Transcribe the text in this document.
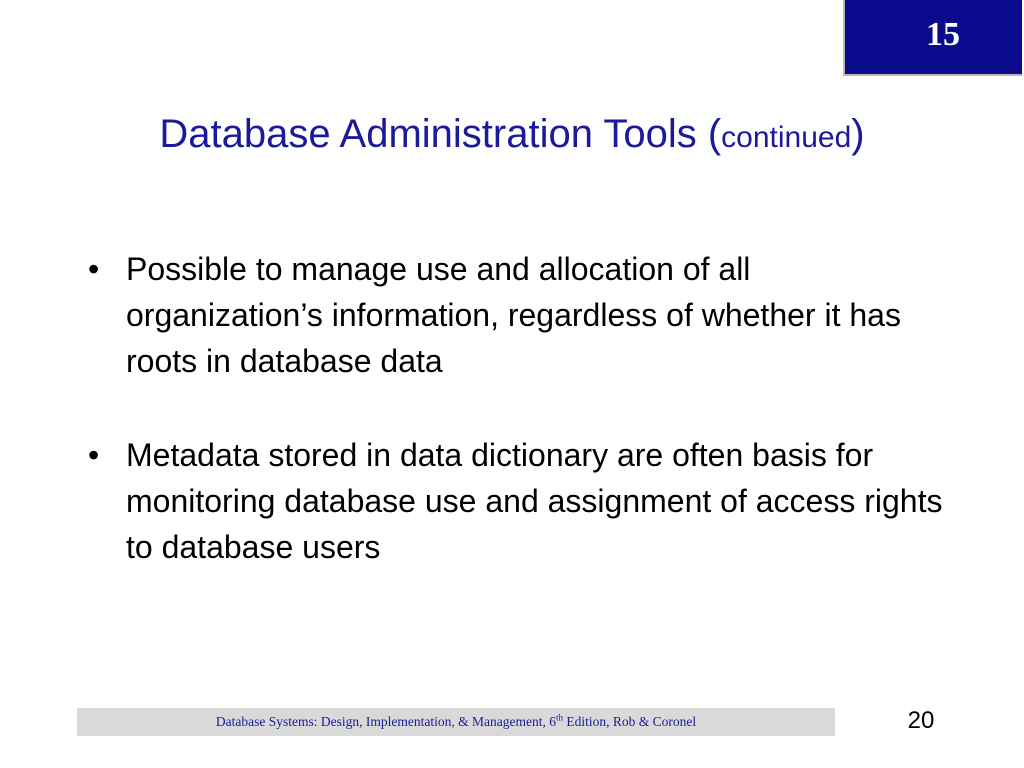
15
Database Administration Tools (continued)
• Possible to manage use and allocation of all organization’s information, regardless of whether it has roots in database data
• Metadata stored in data dictionary are often basis for monitoring database use and assignment of access rights to database users
Database Systems: Design, Implementation, & Management, 6th Edition, Rob & Coronel	20
